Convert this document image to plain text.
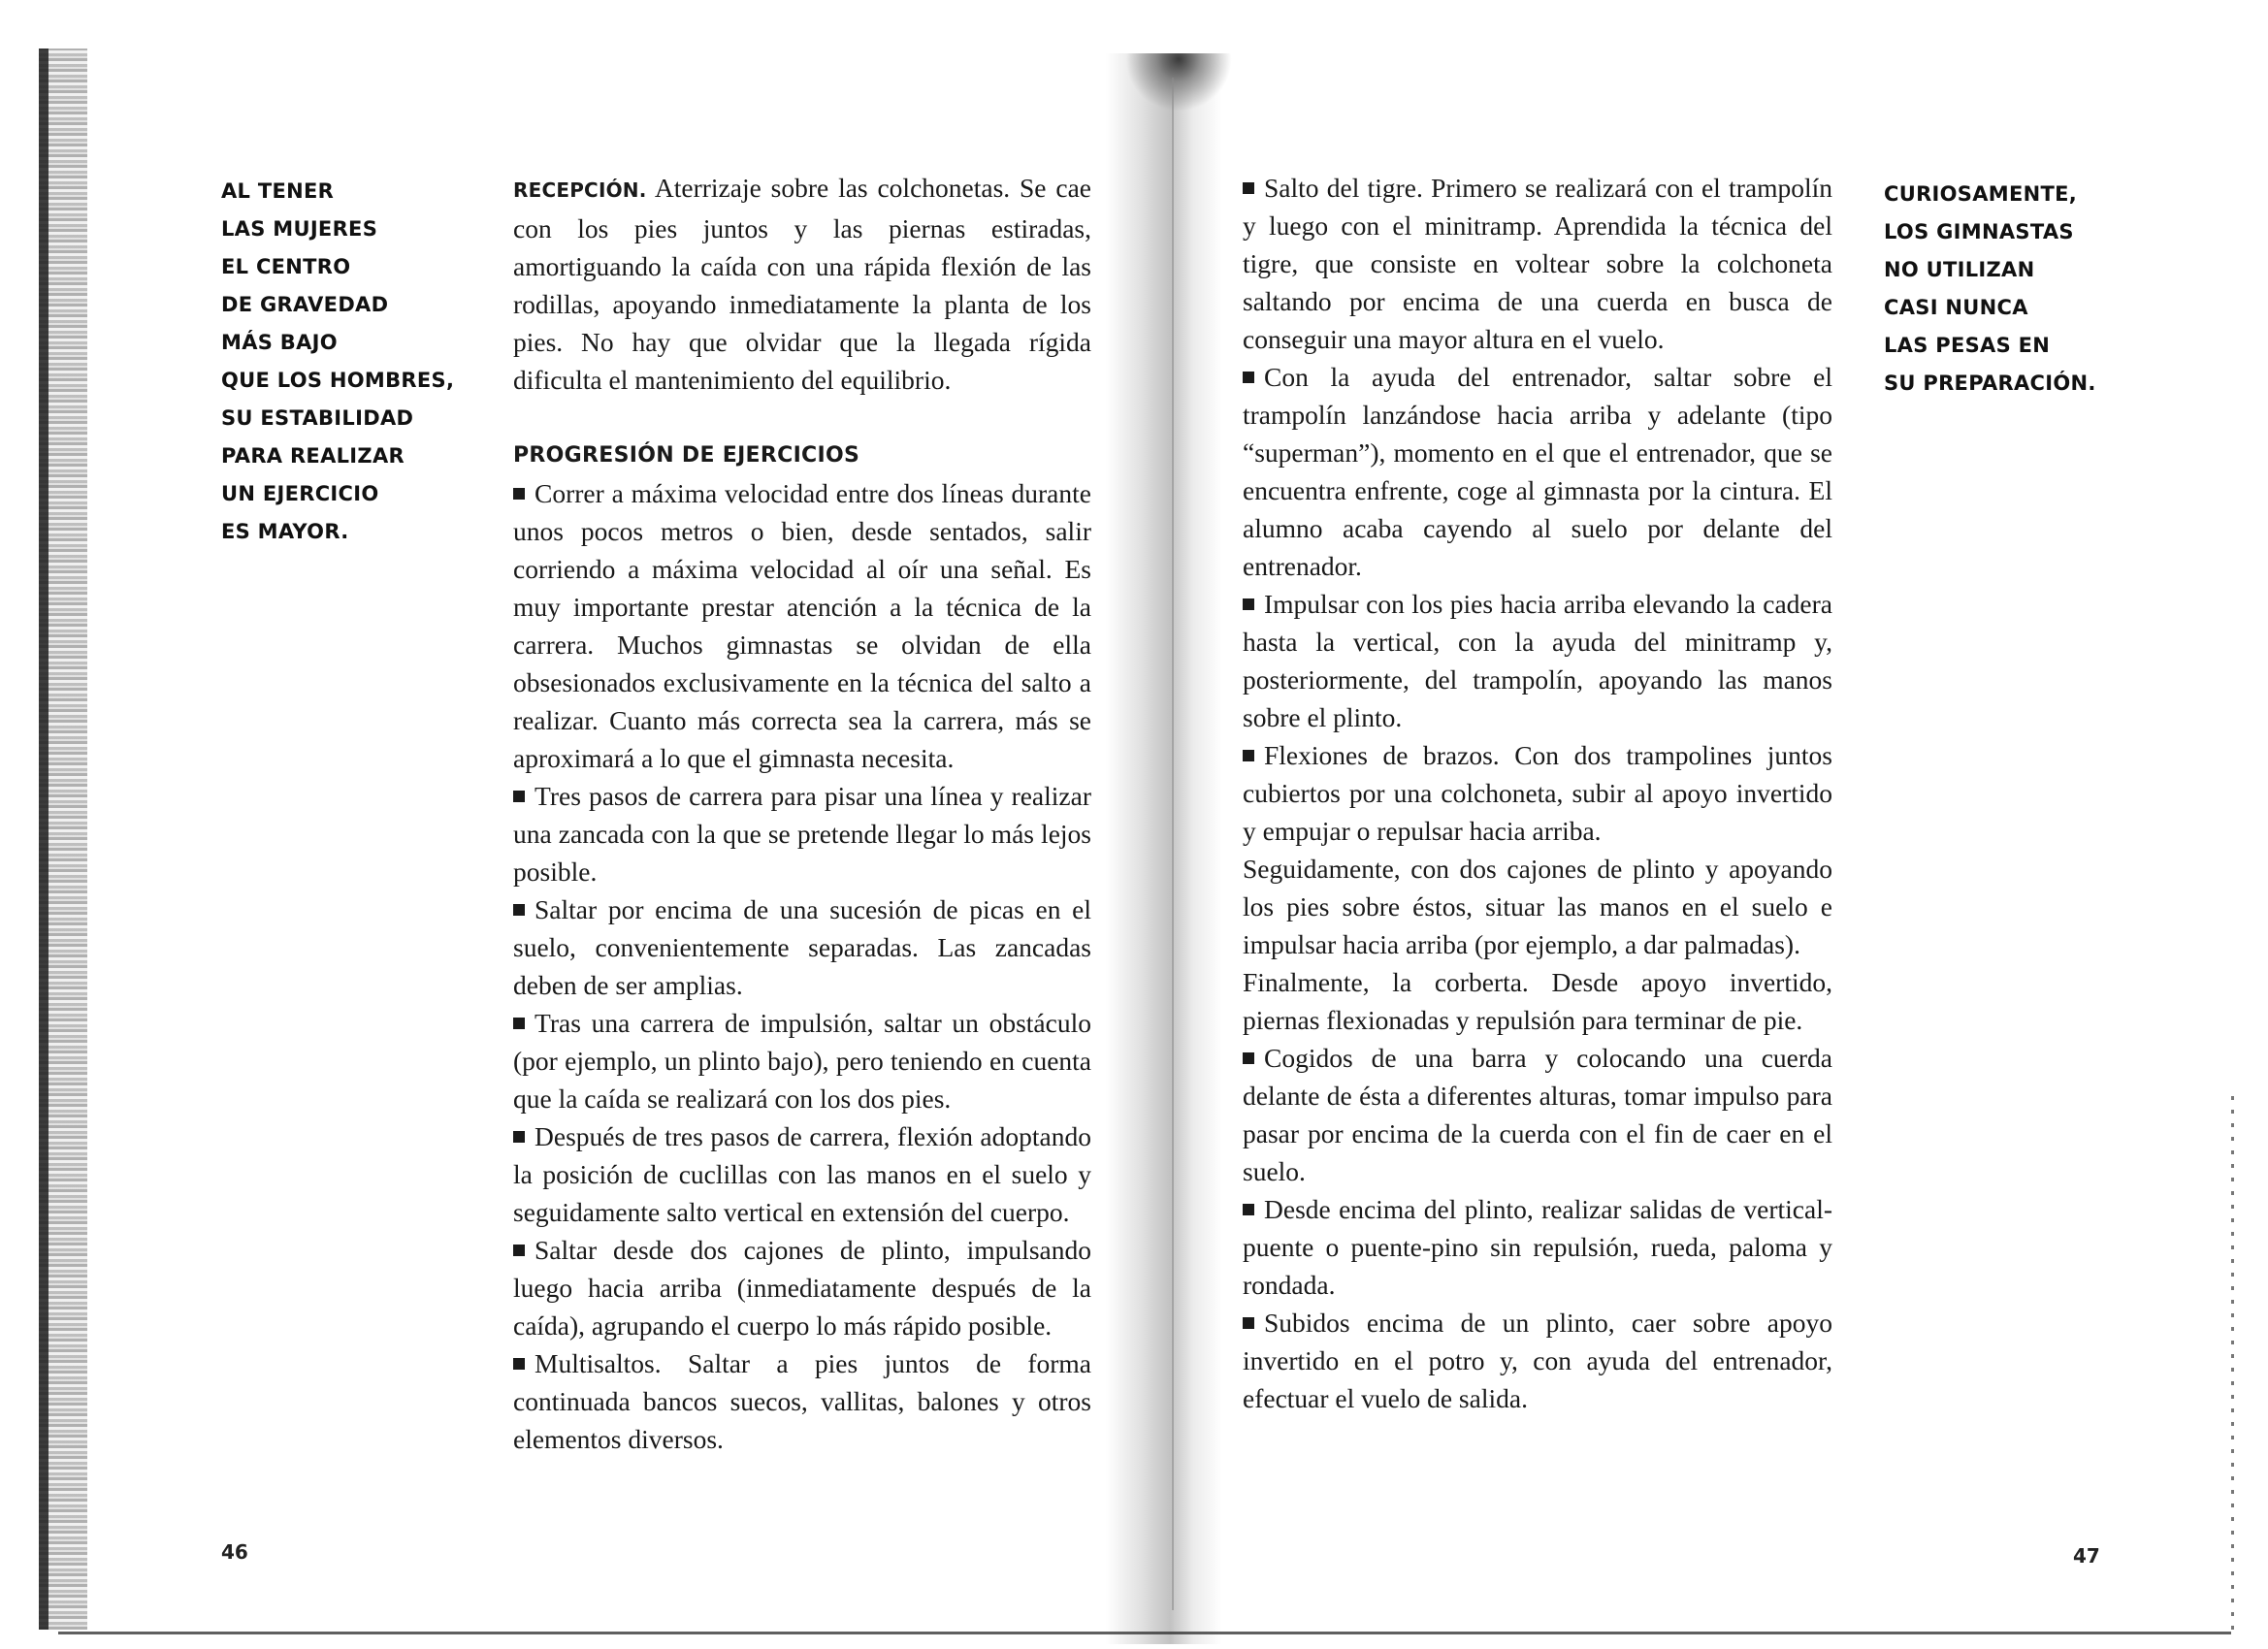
AL TENER
LAS MUJERES
EL CENTRO
DE GRAVEDAD
MÁS BAJO
QUE LOS HOMBRES,
SU ESTABILIDAD
PARA REALIZAR
UN EJERCICIO
ES MAYOR.

RECEPCIÓN. Aterrizaje sobre las colchonetas. Se cae con los pies juntos y las piernas estiradas, amortiguando la caída con una rápida flexión de las rodillas, apoyando inmediatamente la planta de los pies. No hay que olvidar que la llegada rígida dificulta el mantenimiento del equilibrio.

PROGRESIÓN DE EJERCICIOS

Correr a máxima velocidad entre dos líneas durante unos pocos metros o bien, desde sentados, salir corriendo a máxima velocidad al oír una señal. Es muy importante prestar atención a la técnica de la carrera. Muchos gimnastas se olvidan de ella obsesionados exclusivamente en la técnica del salto a realizar. Cuanto más correcta sea la carrera, más se aproximará a lo que el gimnasta necesita.

Tres pasos de carrera para pisar una línea y realizar una zancada con la que se pretende llegar lo más lejos posible.

Saltar por encima de una sucesión de picas en el suelo, convenientemente separadas. Las zancadas deben de ser amplias.

Tras una carrera de impulsión, saltar un obstáculo (por ejemplo, un plinto bajo), pero teniendo en cuenta que la caída se realizará con los dos pies.

Después de tres pasos de carrera, flexión adoptando la posición de cuclillas con las manos en el suelo y seguidamente salto vertical en extensión del cuerpo.

Saltar desde dos cajones de plinto, impulsando luego hacia arriba (inmediatamente después de la caída), agrupando el cuerpo lo más rápido posible.

Multisaltos. Saltar a pies juntos de forma continuada bancos suecos, vallitas, balones y otros elementos diversos.

46

Salto del tigre. Primero se realizará con el trampolín y luego con el minitramp. Aprendida la técnica del tigre, que consiste en voltear sobre la colchoneta saltando por encima de una cuerda en busca de conseguir una mayor altura en el vuelo.

Con la ayuda del entrenador, saltar sobre el trampolín lanzándose hacia arriba y adelante (tipo “superman”), momento en el que el entrenador, que se encuentra enfrente, coge al gimnasta por la cintura. El alumno acaba cayendo al suelo por delante del entrenador.

Impulsar con los pies hacia arriba elevando la cadera hasta la vertical, con la ayuda del minitramp y, posteriormente, del trampolín, apoyando las manos sobre el plinto.

Flexiones de brazos. Con dos trampolines juntos cubiertos por una colchoneta, subir al apoyo invertido y empujar o repulsar hacia arriba.

Seguidamente, con dos cajones de plinto y apoyando los pies sobre éstos, situar las manos en el suelo e impulsar hacia arriba (por ejemplo, a dar palmadas).

Finalmente, la corberta. Desde apoyo invertido, piernas flexionadas y repulsión para terminar de pie.

Cogidos de una barra y colocando una cuerda delante de ésta a diferentes alturas, tomar impulso para pasar por encima de la cuerda con el fin de caer en el suelo.

Desde encima del plinto, realizar salidas de vertical-puente o puente-pino sin repulsión, rueda, paloma y rondada.

Subidos encima de un plinto, caer sobre apoyo invertido en el potro y, con ayuda del entrenador, efectuar el vuelo de salida.

CURIOSAMENTE,
LOS GIMNASTAS
NO UTILIZAN
CASI NUNCA
LAS PESAS EN
SU PREPARACIÓN.
47
